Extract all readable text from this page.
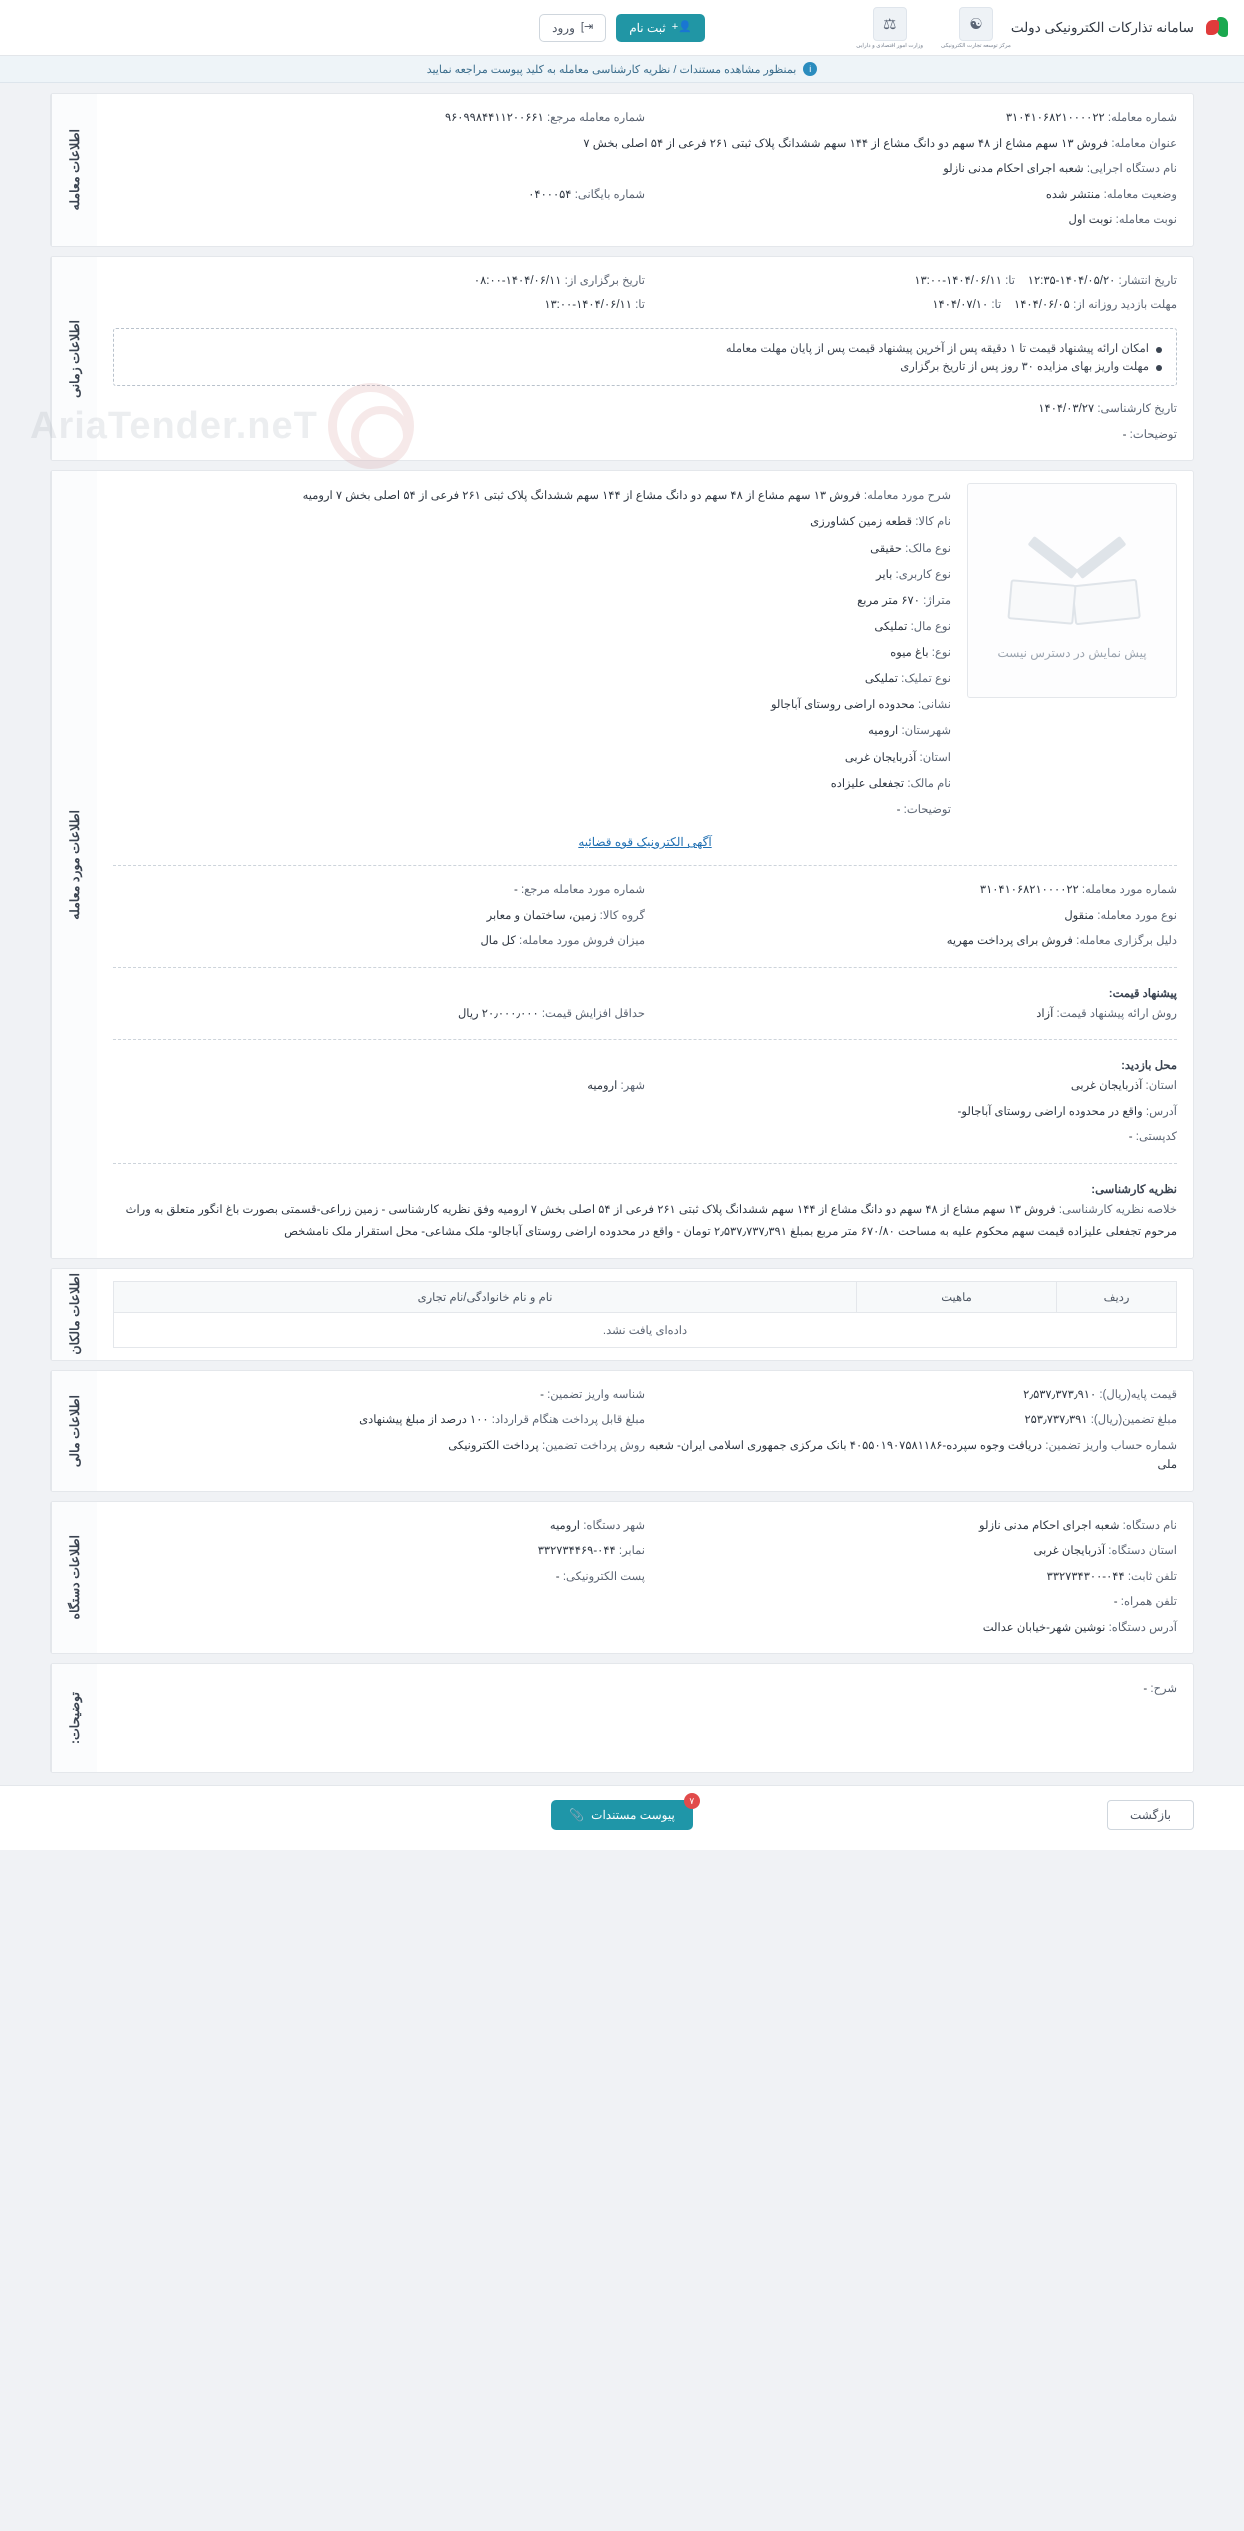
سامانه تذارکات الکترونیکی دولت
👤+
ثبت نام
⇥]
ورود	☯
مرکز توسعه تجارت الکترونیکی
⚖
وزارت امور اقتصادی و دارایی
i
بمنظور مشاهده مستندات / نظریه کارشناسی معامله به کلید پیوست مراجعه نمایید
شماره معامله: ۳۱۰۴۱۰۶۸۲۱۰۰۰۰۲۲
شماره معامله مرجع: ۹۶۰۹۹۸۴۴۱۱۲۰۰۶۶۱
عنوان معامله: فروش ۱۳ سهم مشاع از ۴۸ سهم دو دانگ مشاع از ۱۴۴ سهم ششدانگ پلاک ثبتی ۲۶۱ فرعی از ۵۴ اصلی بخش ۷
نام دستگاه اجرایی: شعبه اجرای احکام مدنی نازلو
وضعیت معامله: منتشر شده
شماره بایگانی: ۰۴۰۰۰۵۴
نوبت معامله: نوبت اول
اطلاعات معامله
تاریخ انتشار: ۱۴۰۴/۰۵/۲۰-۱۲:۳۵    تا: ۱۴۰۴/۰۶/۱۱-۱۳:۰۰
تاریخ برگزاری از: ۱۴۰۴/۰۶/۱۱-۰۸:۰۰
مهلت بازدید روزانه از: ۱۴۰۴/۰۶/۰۵    تا: ۱۴۰۴/۰۷/۱۰
تا: ۱۴۰۴/۰۶/۱۱-۱۳:۰۰
امکان ارائه پیشنهاد قیمت تا ۱ دقیقه پس از آخرین پیشنهاد قیمت پس از پایان مهلت معامله
مهلت واریز بهای مزایده ۳۰ روز پس از تاریخ برگزاری
تاریخ کارشناسی: ۱۴۰۴/۰۳/۲۷
توضیحات: -
اطلاعات زمانی
پیش نمایش در دسترس نیست
شرح مورد معامله: فروش ۱۳ سهم مشاع از ۴۸ سهم دو دانگ مشاع از ۱۴۴ سهم ششدانگ پلاک ثبتی ۲۶۱ فرعی از ۵۴ اصلی بخش ۷ ارومیه
نام کالا: قطعه زمین کشاورزی
نوع مالک: حقیقی
نوع کاربری: بایر
متراژ: ۶۷۰ متر مربع
نوع مال: تملیکی
نوع: باغ میوه
نوع تملیک: تملیکی
نشانی: محدوده اراضی روستای آباجالو
شهرستان: ارومیه
استان: آذربایجان غربی
نام مالک: تجفعلی علیزاده
توضیحات: -
آگهی الکترونیک قوه قضائیه
شماره مورد معامله: ۳۱۰۴۱۰۶۸۲۱۰۰۰۰۲۲
شماره مورد معامله مرجع: -
نوع مورد معامله: منقول
گروه کالا: زمین، ساختمان و معابر
دلیل برگزاری معامله: فروش برای پرداخت مهریه
میزان فروش مورد معامله: کل مال
پیشنهاد قیمت:
روش ارائه پیشنهاد قیمت: آزاد
حداقل افزایش قیمت: ۲۰٫۰۰۰٫۰۰۰ ریال
محل بازدید:
استان: آذربایجان غربی
شهر: ارومیه
آدرس: واقع در محدوده اراضی روستای آباجالو-
کدپستی: -
نظریه کارشناسی:
خلاصه نظریه کارشناسی: فروش ۱۳ سهم مشاع از ۴۸ سهم دو دانگ مشاع از ۱۴۴ سهم ششدانگ پلاک ثبتی ۲۶۱ فرعی از ۵۴ اصلی بخش ۷ ارومیه وفق نظریه کارشناسی - زمین زراعی-قسمتی بصورت باغ انگور متعلق به وراث مرحوم تجفعلی علیزاده قیمت سهم محکوم علیه به مساحت ۶۷۰/۸۰ متر مربع بمبلغ ۲٫۵۳۷٫۷۳۷٫۳۹۱ تومان - واقع در محدوده اراضی روستای آباجالو- ملک مشاعی- محل استقرار ملک نامشخص
اطلاعات مورد معامله
ردیف	ماهیت	نام و نام خانوادگی/نام تجاری
داده‌ای یافت نشد.
اطلاعات مالکان
قیمت پایه(ریال): ۲٫۵۳۷٫۳۷۳٫۹۱۰
شناسه واریز تضمین: -
مبلغ تضمین(ریال): ۲۵۳٫۷۳۷٫۳۹۱
مبلغ قابل پرداخت هنگام قرارداد: ۱۰۰ درصد از مبلغ پیشنهادی
شماره حساب واریز تضمین: دریافت وجوه سپرده-۴۰۵۵۰۱۹۰۷۵۸۱۱۸۶ بانک مرکزی جمهوری اسلامی ایران- شعبه ملی
روش پرداخت تضمین: پرداخت الکترونیکی
اطلاعات مالی
نام دستگاه: شعبه اجرای احکام مدنی نازلو
شهر دستگاه: ارومیه
استان دستگاه: آذربایجان غربی
نمابر: ۰۴۴-۳۳۲۷۳۴۴۶۹
تلفن ثابت: ۰۴۴-۳۳۲۷۳۴۳۰۰
پست الکترونیکی: -
تلفن همراه: -

آدرس دستگاه: نوشین شهر-خیابان عدالت
اطلاعات دستگاه
شرح: -
توضیحات:
بازگشت
۷
پیوست مستندات
📎
